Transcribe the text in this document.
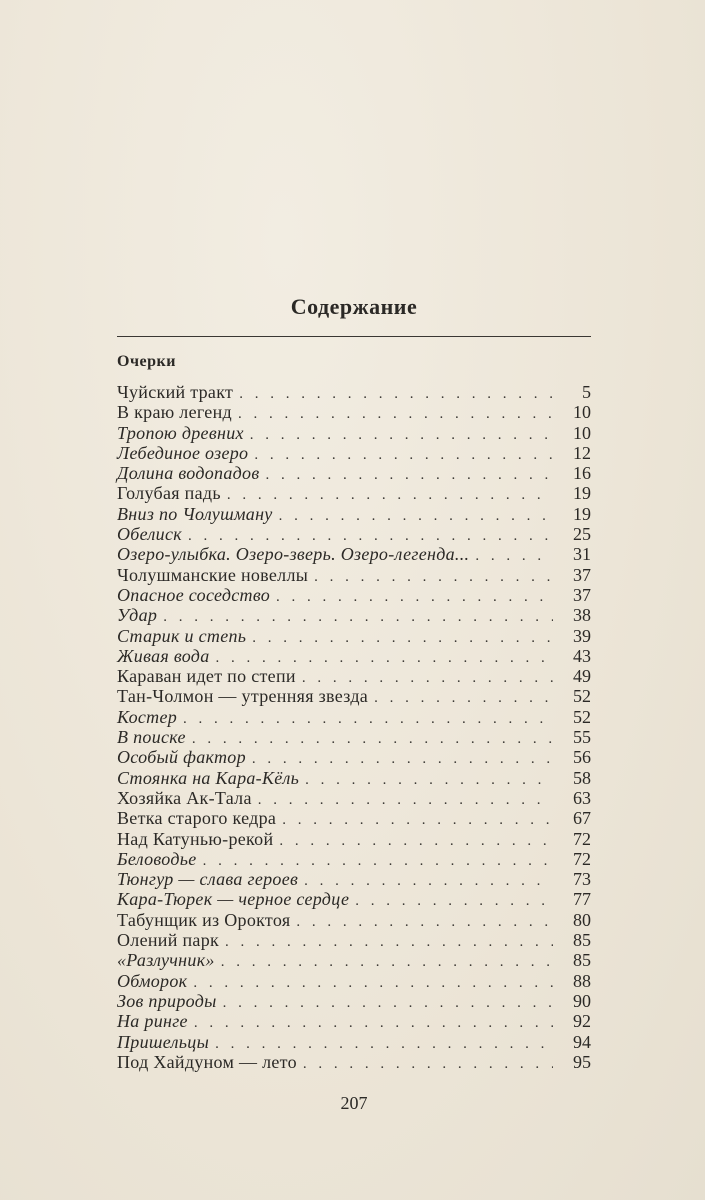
Содержание
Очерки
Чуйский тракт . . .	5
В краю легенд . . .	10
Тропою древних . . .	10
Лебединое озеро . . .	12
Долина водопадов . . .	16
Голубая падь . . .	19
Вниз по Чолушману . . .	19
Обелиск . . .	25
Озеро-улыбка. Озеро-зверь. Озеро-легенда... . . .	31
Чолушманские новеллы . . .	37
Опасное соседство . . .	37
Удар . . .	38
Старик и степь . . .	39
Живая вода . . .	43
Караван идет по степи . . .	49
Тан-Чолмон — утренняя звезда . . .	52
Костер . . .	52
В поиске . . .	55
Особый фактор . . .	56
Стоянка на Кара-Кёль . . .	58
Хозяйка Ак-Тала . . .	63
Ветка старого кедра . . .	67
Над Катунью-рекой . . .	72
Беловодье . . .	72
Тюнгур — слава героев . . .	73
Кара-Тюрек — черное сердце . . .	77
Табунщик из Ороктоя . . .	80
Олений парк . . .	85
«Разлучник» . . .	85
Обморок . . .	88
Зов природы . . .	90
На ринге . . .	92
Пришельцы . . .	94
Под Хайдуном — лето . . .	95
207
